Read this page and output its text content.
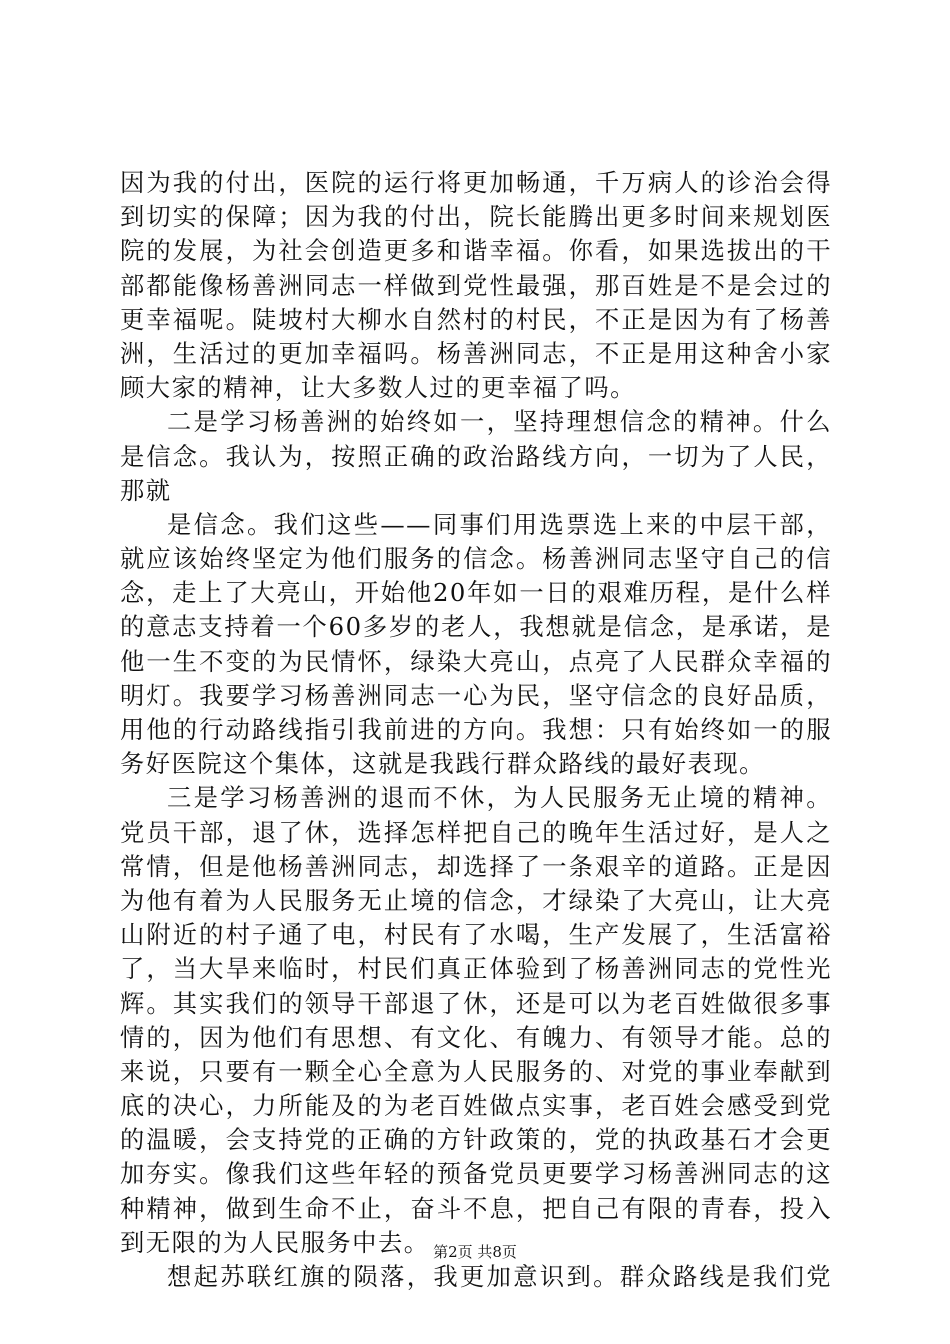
因为我的付出，医院的运行将更加畅通，千万病人的诊治会得
到切实的保障；因为我的付出，院长能腾出更多时间来规划医
院的发展，为社会创造更多和谐幸福。你看，如果选拔出的干
部都能像杨善洲同志一样做到党性最强，那百姓是不是会过的
更幸福呢。陡坡村大柳水自然村的村民，不正是因为有了杨善
洲，生活过的更加幸福吗。杨善洲同志，不正是用这种舍小家
顾大家的精神，让大多数人过的更幸福了吗。
二是学习杨善洲的始终如一，坚持理想信念的精神。什么
是信念。我认为，按照正确的政治路线方向，一切为了人民，
那就
是信念。我们这些——同事们用选票选上来的中层干部，
就应该始终坚定为他们服务的信念。杨善洲同志坚守自己的信
念，走上了大亮山，开始他20年如一日的艰难历程，是什么样
的意志支持着一个60多岁的老人，我想就是信念，是承诺，是
他一生不变的为民情怀，绿染大亮山，点亮了人民群众幸福的
明灯。我要学习杨善洲同志一心为民，坚守信念的良好品质，
用他的行动路线指引我前进的方向。我想：只有始终如一的服
务好医院这个集体，这就是我践行群众路线的最好表现。
三是学习杨善洲的退而不休，为人民服务无止境的精神。
党员干部，退了休，选择怎样把自己的晚年生活过好，是人之
常情，但是他杨善洲同志，却选择了一条艰辛的道路。正是因
为他有着为人民服务无止境的信念，才绿染了大亮山，让大亮
山附近的村子通了电，村民有了水喝，生产发展了，生活富裕
了，当大旱来临时，村民们真正体验到了杨善洲同志的党性光
辉。其实我们的领导干部退了休，还是可以为老百姓做很多事
情的，因为他们有思想、有文化、有魄力、有领导才能。总的
来说，只要有一颗全心全意为人民服务的、对党的事业奉献到
底的决心，力所能及的为老百姓做点实事，老百姓会感受到党
的温暖，会支持党的正确的方针政策的，党的执政基石才会更
加夯实。像我们这些年轻的预备党员更要学习杨善洲同志的这
种精神，做到生命不止，奋斗不息，把自己有限的青春，投入
到无限的为人民服务中去。
想起苏联红旗的陨落，我更加意识到。群众路线是我们党
第2页 共8页
